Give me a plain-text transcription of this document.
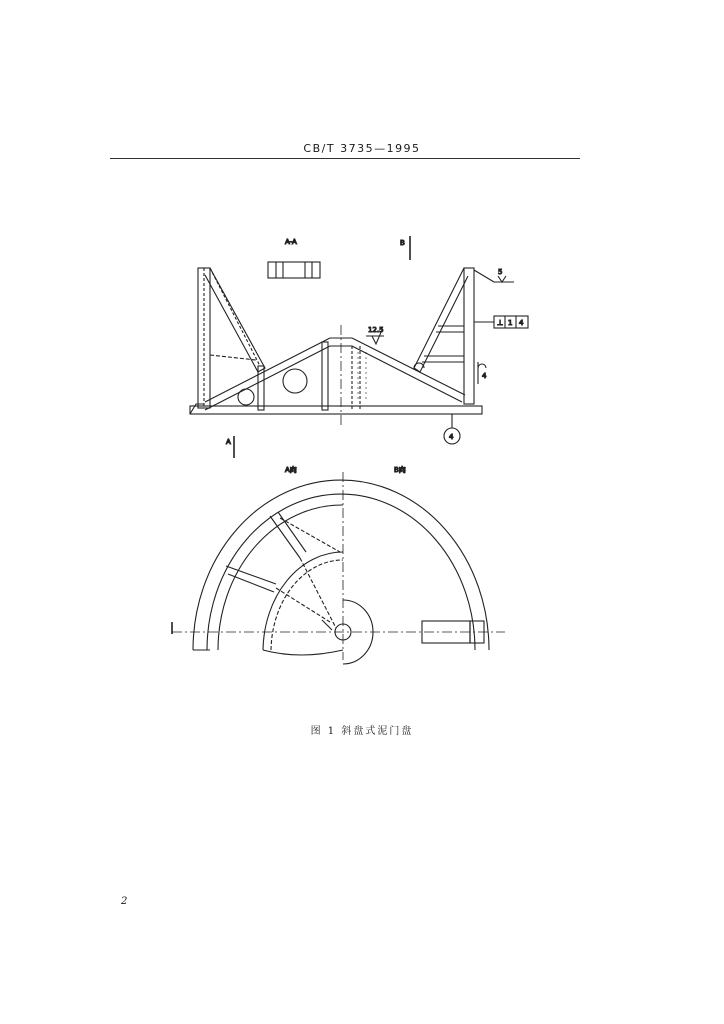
CB/T 3735—1995
A-A	B
12.5
5
⊥ 1 4
4
4
A
A向	B向
图 1 斜盘式泥门盘
2
